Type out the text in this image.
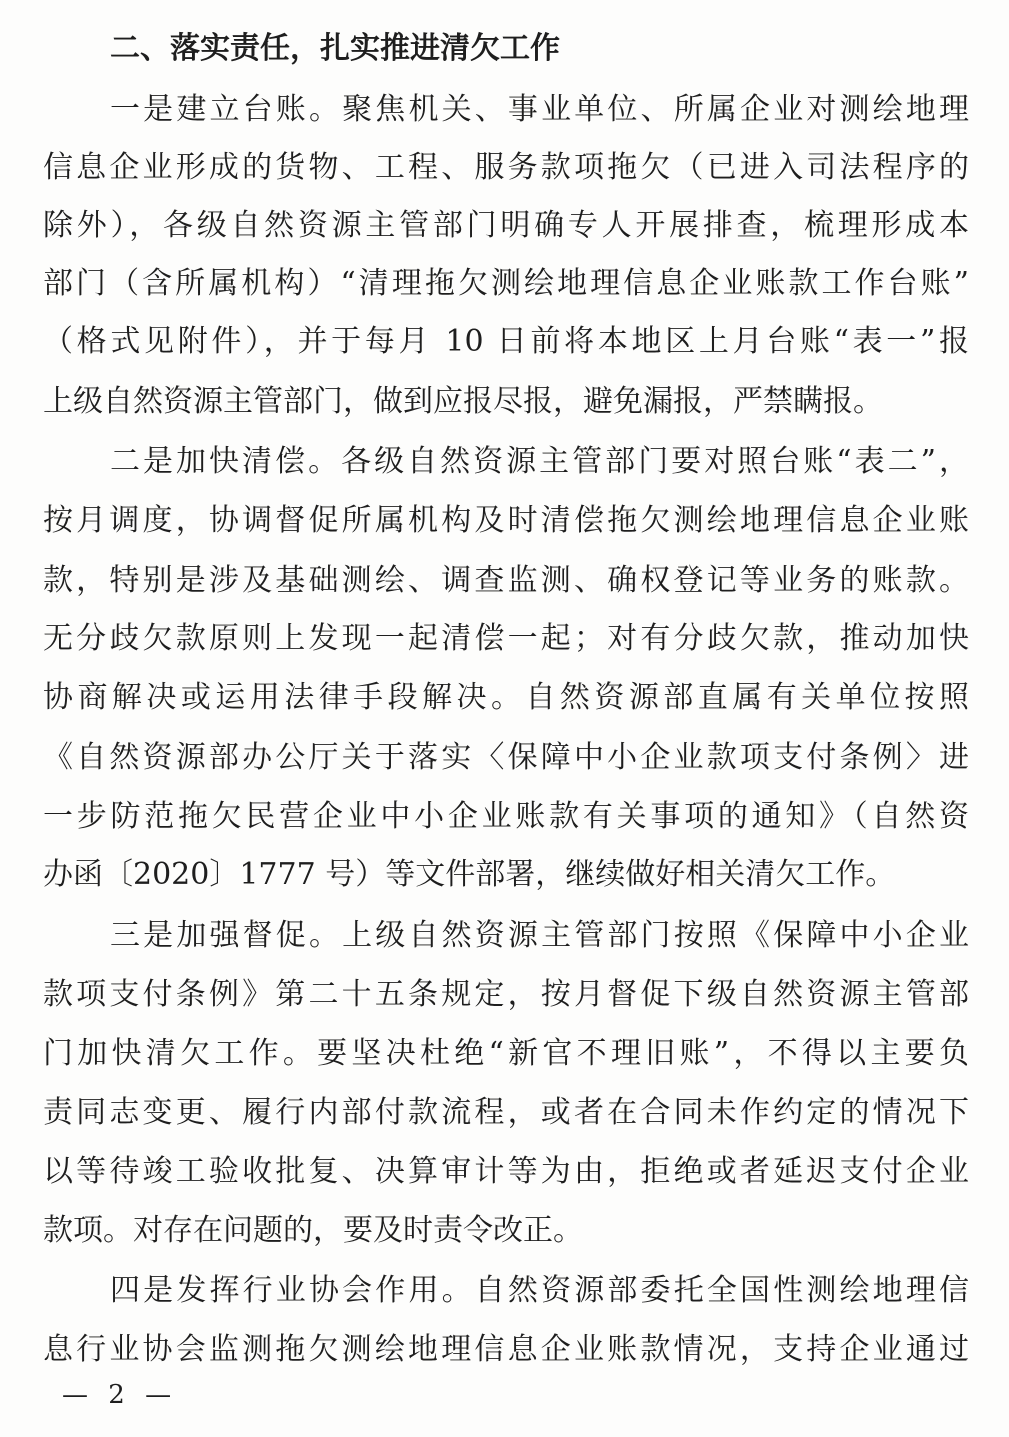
二、落实责任，扎实推进清欠工作
一是建立台账。聚焦机关、事业单位、所属企业对测绘地理
信息企业形成的货物、工程、服务款项拖欠（已进入司法程序的
除外），各级自然资源主管部门明确专人开展排查，梳理形成本
部门（含所属机构）“清理拖欠测绘地理信息企业账款工作台账”
（格式见附件），并于每月 10 日前将本地区上月台账“表一”报
上级自然资源主管部门，做到应报尽报，避免漏报，严禁瞒报。
二是加快清偿。各级自然资源主管部门要对照台账“表二”，
按月调度，协调督促所属机构及时清偿拖欠测绘地理信息企业账
款，特别是涉及基础测绘、调查监测、确权登记等业务的账款。
无分歧欠款原则上发现一起清偿一起；对有分歧欠款，推动加快
协商解决或运用法律手段解决。自然资源部直属有关单位按照
《自然资源部办公厅关于落实〈保障中小企业款项支付条例〉进
一步防范拖欠民营企业中小企业账款有关事项的通知》（自然资
办函〔2020〕1777 号）等文件部署，继续做好相关清欠工作。
三是加强督促。上级自然资源主管部门按照《保障中小企业
款项支付条例》第二十五条规定，按月督促下级自然资源主管部
门加快清欠工作。要坚决杜绝“新官不理旧账”，不得以主要负
责同志变更、履行内部付款流程，或者在合同未作约定的情况下
以等待竣工验收批复、决算审计等为由，拒绝或者延迟支付企业
款项。对存在问题的，要及时责令改正。
四是发挥行业协会作用。自然资源部委托全国性测绘地理信
息行业协会监测拖欠测绘地理信息企业账款情况，支持企业通过
— 2 —
